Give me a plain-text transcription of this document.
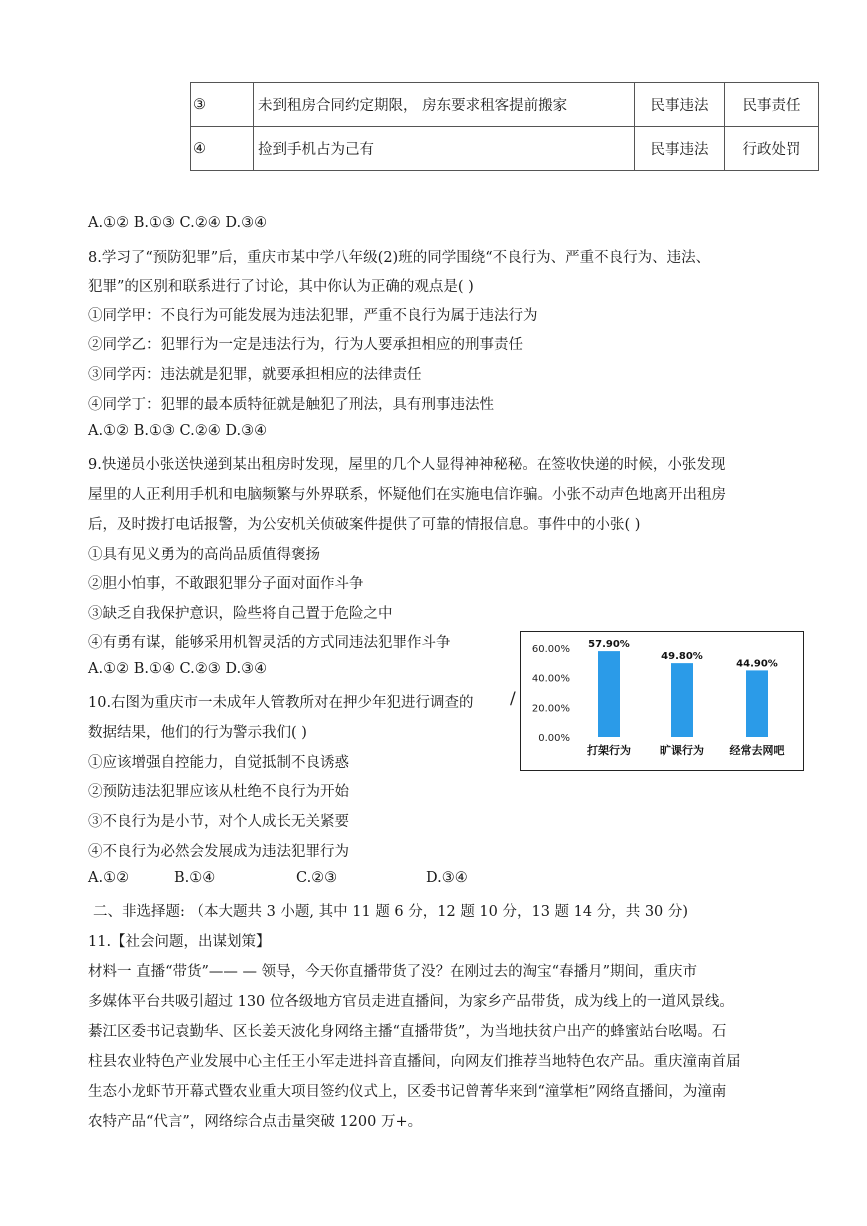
③	未到租房合同约定期限， 房东要求租客提前搬家	民事违法	民事责任
④	捡到手机占为己有	民事违法	行政处罚
A.①② B.①③ C.②④ D.③④
8.学习了“预防犯罪”后，重庆市某中学八年级(2)班的同学围绕“不良行为、严重不良行为、违法、
犯罪”的区别和联系进行了讨论，其中你认为正确的观点是( )
①同学甲：不良行为可能发展为违法犯罪，严重不良行为属于违法行为
②同学乙：犯罪行为一定是违法行为，行为人要承担相应的刑事责任
③同学丙：违法就是犯罪，就要承担相应的法律责任
④同学丁：犯罪的最本质特征就是触犯了刑法，具有刑事违法性
A.①② B.①③ C.②④ D.③④
9.快递员小张送快递到某出租房时发现，屋里的几个人显得神神秘秘。在签收快递的时候，小张发现
屋里的人正利用手机和电脑频繁与外界联系，怀疑他们在实施电信诈骗。小张不动声色地离开出租房
后，及时拨打电话报警，为公安机关侦破案件提供了可靠的情报信息。事件中的小张( )
①具有见义勇为的高尚品质值得褒扬
②胆小怕事，不敢跟犯罪分子面对面作斗争
③缺乏自我保护意识，险些将自己置于危险之中
④有勇有谋，能够采用机智灵活的方式同违法犯罪作斗争
A.①② B.①④ C.②③ D.③④
10.右图为重庆市一未成年人管教所对在押少年犯进行调查的 /
数据结果，他们的行为警示我们( )
①应该增强自控能力，自觉抵制不良诱惑
②预防违法犯罪应该从杜绝不良行为开始
③不良行为是小节，对个人成长无关紧要
④不良行为必然会发展成为违法犯罪行为
A.①②	B.①④	C.②③	D.③④
二、非选择题: （本大题共 3 小题, 其中 11 题 6 分，12 题 10 分，13 题 14 分，共 30 分)
11.【社会问题，出谋划策】
材料一 直播“带货”—— — 领导，今天你直播带货了没？在刚过去的淘宝“春播月”期间，重庆市
多媒体平台共吸引超过 130 位各级地方官员走进直播间，为家乡产品带货，成为线上的一道风景线。
綦江区委书记袁勤华、区长姜天波化身网络主播“直播带货”，为当地扶贫户出产的蜂蜜站台吆喝。石
柱县农业特色产业发展中心主任王小军走进抖音直播间，向网友们推荐当地特色农产品。重庆潼南首届
生态小龙虾节开幕式暨农业重大项目签约仪式上，区委书记曾菁华来到“潼掌柜”网络直播间，为潼南
农特产品“代言”，网络综合点击量突破 1200 万+。
0.00%
20.00%
40.00%
60.00% 57.90%
打架行为
49.80%
旷课行为
44.90%
经常去网吧
